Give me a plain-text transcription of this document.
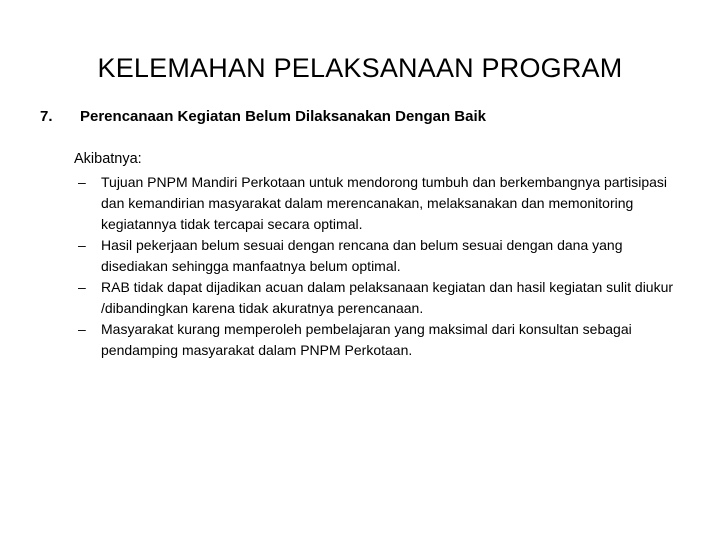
KELEMAHAN PELAKSANAAN PROGRAM
7. Perencanaan Kegiatan Belum Dilaksanakan Dengan Baik
Akibatnya:
– Tujuan PNPM Mandiri Perkotaan untuk mendorong tumbuh dan berkembangnya partisipasi dan kemandirian masyarakat dalam merencanakan, melaksanakan dan memonitoring kegiatannya tidak tercapai secara optimal.
– Hasil pekerjaan belum sesuai dengan rencana dan belum sesuai dengan dana yang disediakan sehingga manfaatnya belum optimal.
– RAB tidak dapat dijadikan acuan dalam pelaksanaan kegiatan dan hasil kegiatan sulit diukur /dibandingkan karena tidak akuratnya perencanaan.
– Masyarakat kurang memperoleh pembelajaran yang maksimal dari konsultan sebagai pendamping masyarakat dalam PNPM Perkotaan.
